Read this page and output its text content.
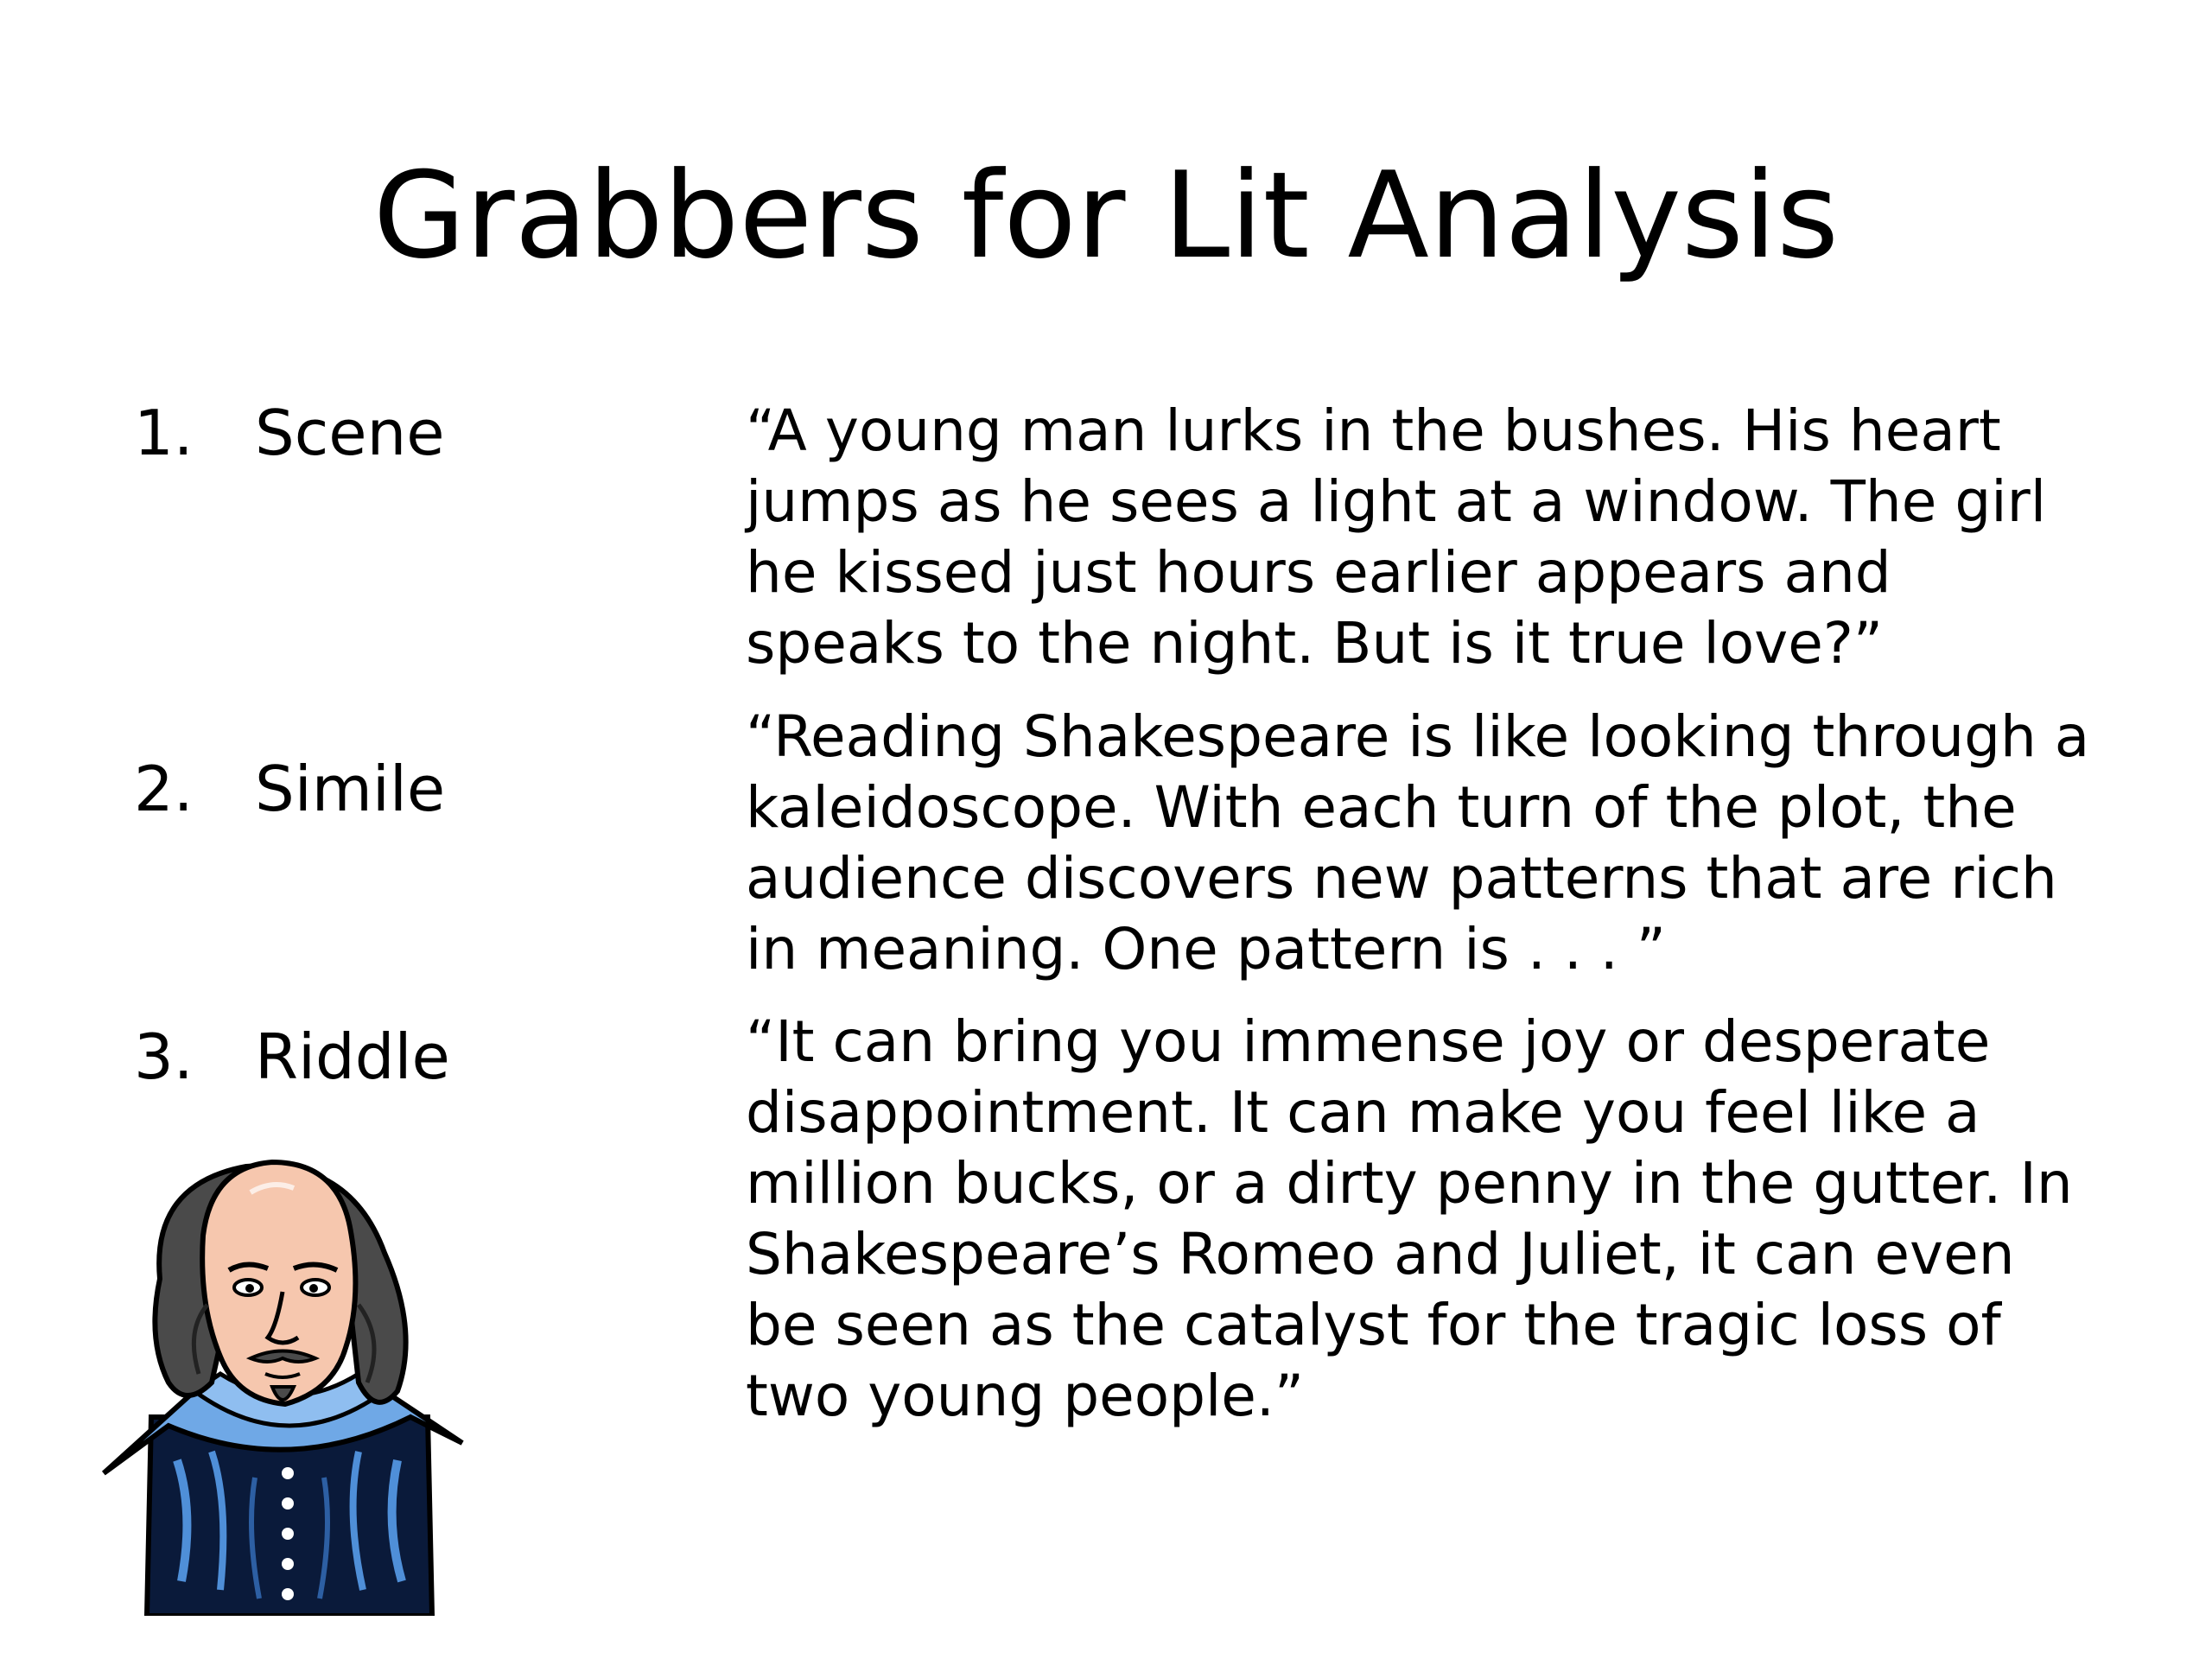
Grabbers for Lit Analysis
1. Scene	“A young man lurks in the bushes. His heart
jumps as he sees a light at a window. The girl
he kissed just hours earlier appears and
speaks to the night. But is it true love?”
2. Simile
“Reading Shakespeare is like looking through a
kaleidoscope. With each turn of the plot, the
audience discovers new patterns that are rich
in meaning. One pattern is . . . ”
3. Riddle	“It can bring you immense joy or desperate
disappointment. It can make you feel like a
million bucks, or a dirty penny in the gutter. In
Shakespeare’s Romeo and Juliet, it can even
be seen as the catalyst for the tragic loss of
two young people.”
